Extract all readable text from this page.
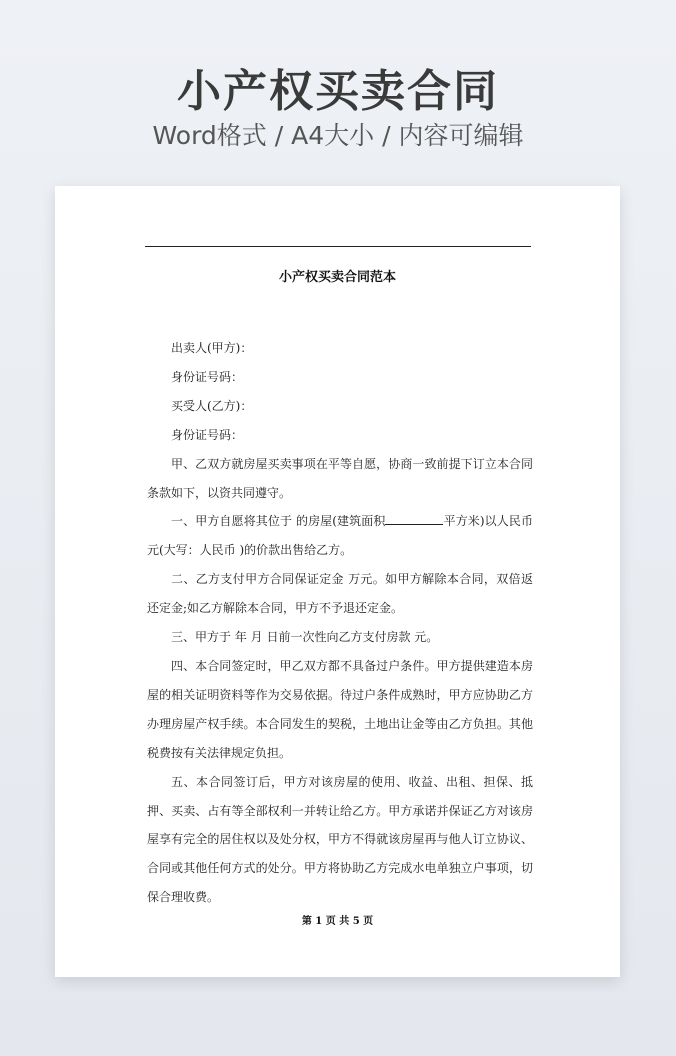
小产权买卖合同
Word格式 / A4大小 / 内容可编辑
小产权买卖合同范本

出卖人(甲方)：

身份证号码：

买受人(乙方)：

身份证号码：

甲、乙双方就房屋买卖事项在平等自愿，协商一致前提下订立本合同条款如下，以资共同遵守。

一、甲方自愿将其位于 的房屋(建筑面积	平方米)以人民币 元(大写：人民币 )的价款出售给乙方。

二、乙方支付甲方合同保证定金 万元。如甲方解除本合同，双倍返还定金;如乙方解除本合同，甲方不予退还定金。

三、甲方于 年 月 日前一次性向乙方支付房款 元。

四、本合同签定时，甲乙双方都不具备过户条件。甲方提供建造本房屋的相关证明资料等作为交易依据。待过户条件成熟时，甲方应协助乙方办理房屋产权手续。本合同发生的契税，土地出让金等由乙方负担。其他税费按有关法律规定负担。

五、本合同签订后，甲方对该房屋的使用、收益、出租、担保、抵押、买卖、占有等全部权利一并转让给乙方。甲方承诺并保证乙方对该房屋享有完全的居住权以及处分权，甲方不得就该房屋再与他人订立协议、合同或其他任何方式的处分。甲方将协助乙方完成水电单独立户事项，切保合理收费。

第 1 页 共 5 页
